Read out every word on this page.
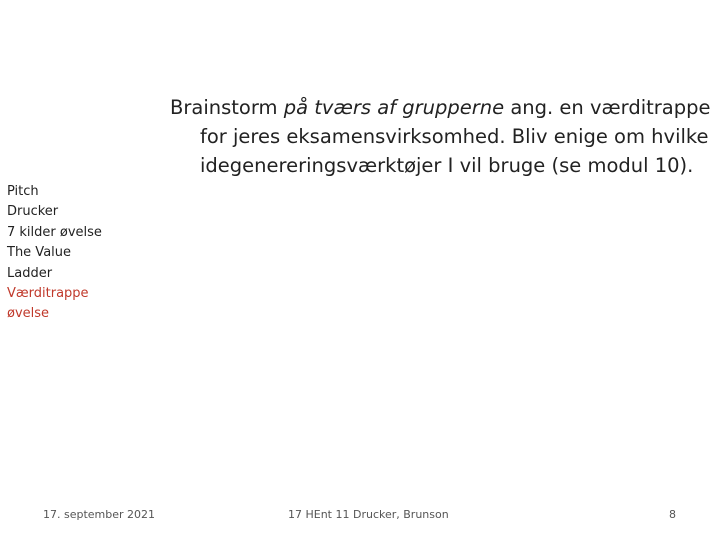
Pitch
Drucker
7 kilder øvelse
The Value
Ladder
Værditrappe
øvelse
Brainstorm på tværs af grupperne ang. en værditrappe for jeres eksamensvirksomhed. Bliv enige om hvilke idegenereringsværktøjer I vil bruge (se modul 10).
17. september 2021	17 HEnt 11 Drucker, Brunson	8
